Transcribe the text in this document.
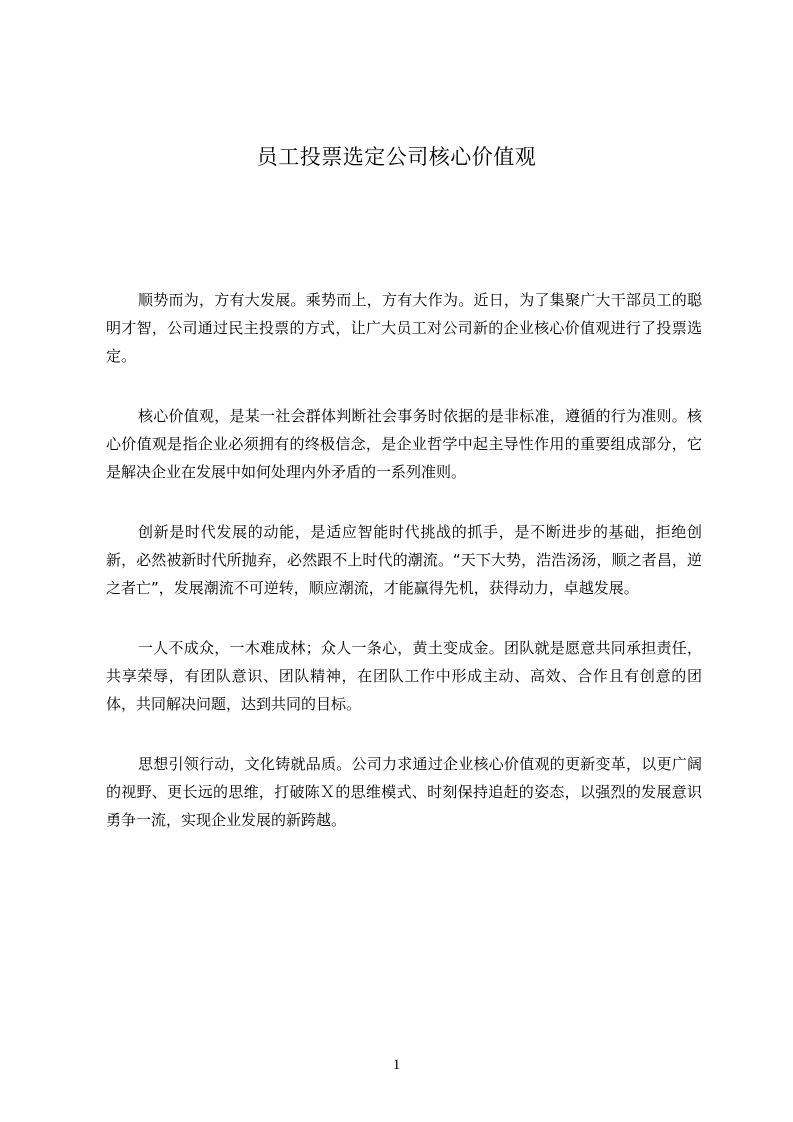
员工投票选定公司核心价值观

顺势而为，方有大发展。乘势而上，方有大作为。近日，为了集聚广大干部员工的聪明才智，公司通过民主投票的方式，让广大员工对公司新的企业核心价值观进行了投票选定。

核心价值观，是某一社会群体判断社会事务时依据的是非标准，遵循的行为准则。核心价值观是指企业必须拥有的终极信念，是企业哲学中起主导性作用的重要组成部分，它是解决企业在发展中如何处理内外矛盾的一系列准则。

创新是时代发展的动能，是适应智能时代挑战的抓手，是不断进步的基础，拒绝创新，必然被新时代所抛弃，必然跟不上时代的潮流。“天下大势，浩浩汤汤，顺之者昌，逆之者亡”，发展潮流不可逆转，顺应潮流，才能赢得先机，获得动力，卓越发展。

一人不成众，一木难成林；众人一条心，黄土变成金。团队就是愿意共同承担责任，共享荣辱，有团队意识、团队精神，在团队工作中形成主动、高效、合作且有创意的团体，共同解决问题，达到共同的目标。

思想引领行动，文化铸就品质。公司力求通过企业核心价值观的更新变革，以更广阔的视野、更长远的思维，打破陈Ｘ的思维模式、时刻保持追赶的姿态，以强烈的发展意识勇争一流，实现企业发展的新跨越。

1
